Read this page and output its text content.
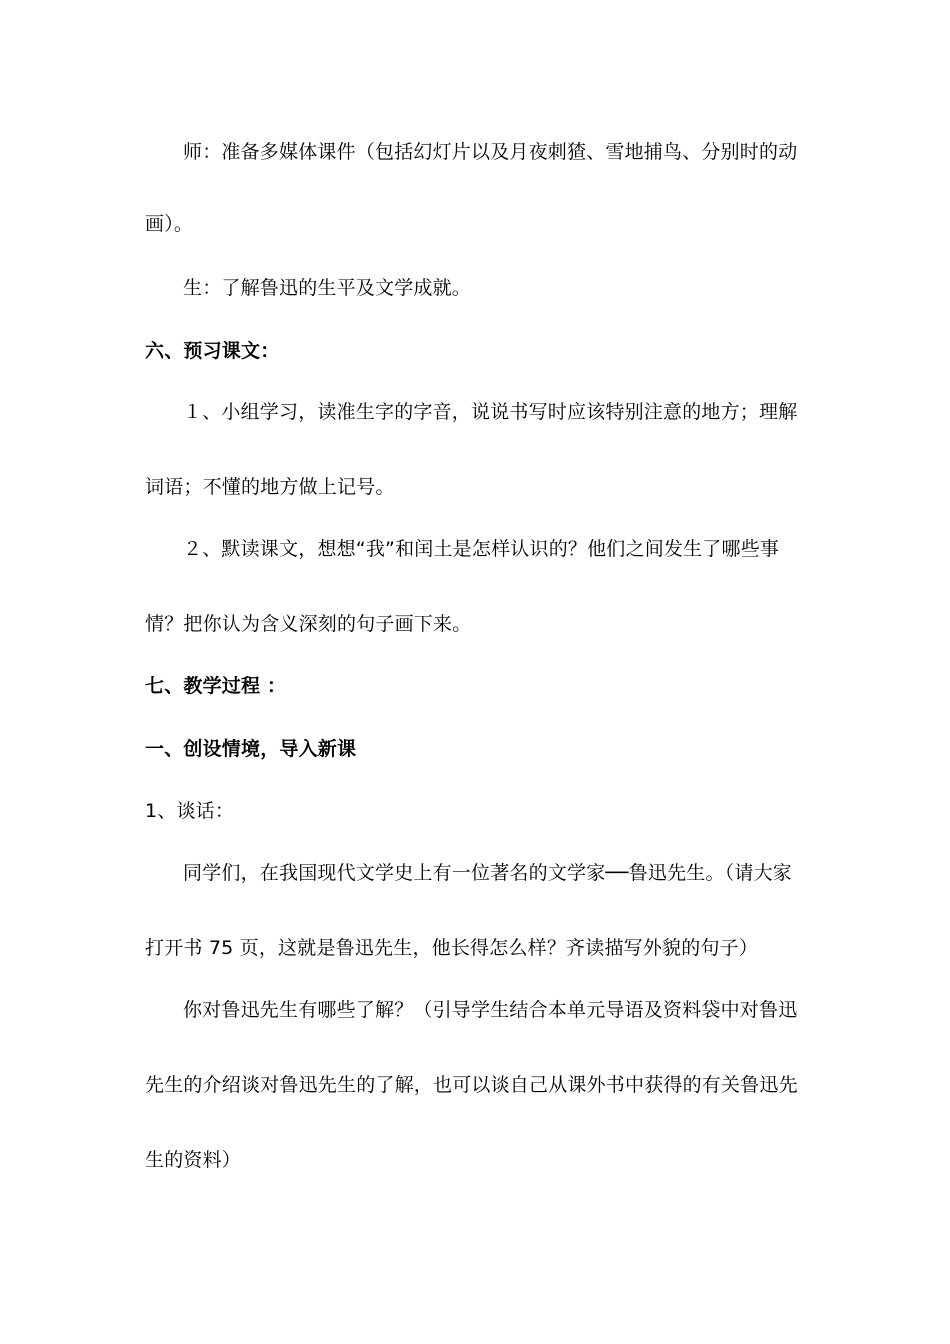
师：准备多媒体课件（包括幻灯片以及月夜刺猹、雪地捕鸟、分别时的动
画）。
生：了解鲁迅的生平及文学成就。
六、预习课文：
１、小组学习，读准生字的字音，说说书写时应该特别注意的地方；理解
词语；不懂的地方做上记号。
２、默读课文，想想“我”和闰土是怎样认识的？他们之间发生了哪些事
情？把你认为含义深刻的句子画下来。
七、教学过程 ：
一、创设情境，导入新课
1、谈话：
同学们，在我国现代文学史上有一位著名的文学家──鲁迅先生。（请大家
打开书 75 页，这就是鲁迅先生，他长得怎么样？齐读描写外貌的句子）
你对鲁迅先生有哪些了解？（引导学生结合本单元导语及资料袋中对鲁迅
先生的介绍谈对鲁迅先生的了解，也可以谈自己从课外书中获得的有关鲁迅先
生的资料）
